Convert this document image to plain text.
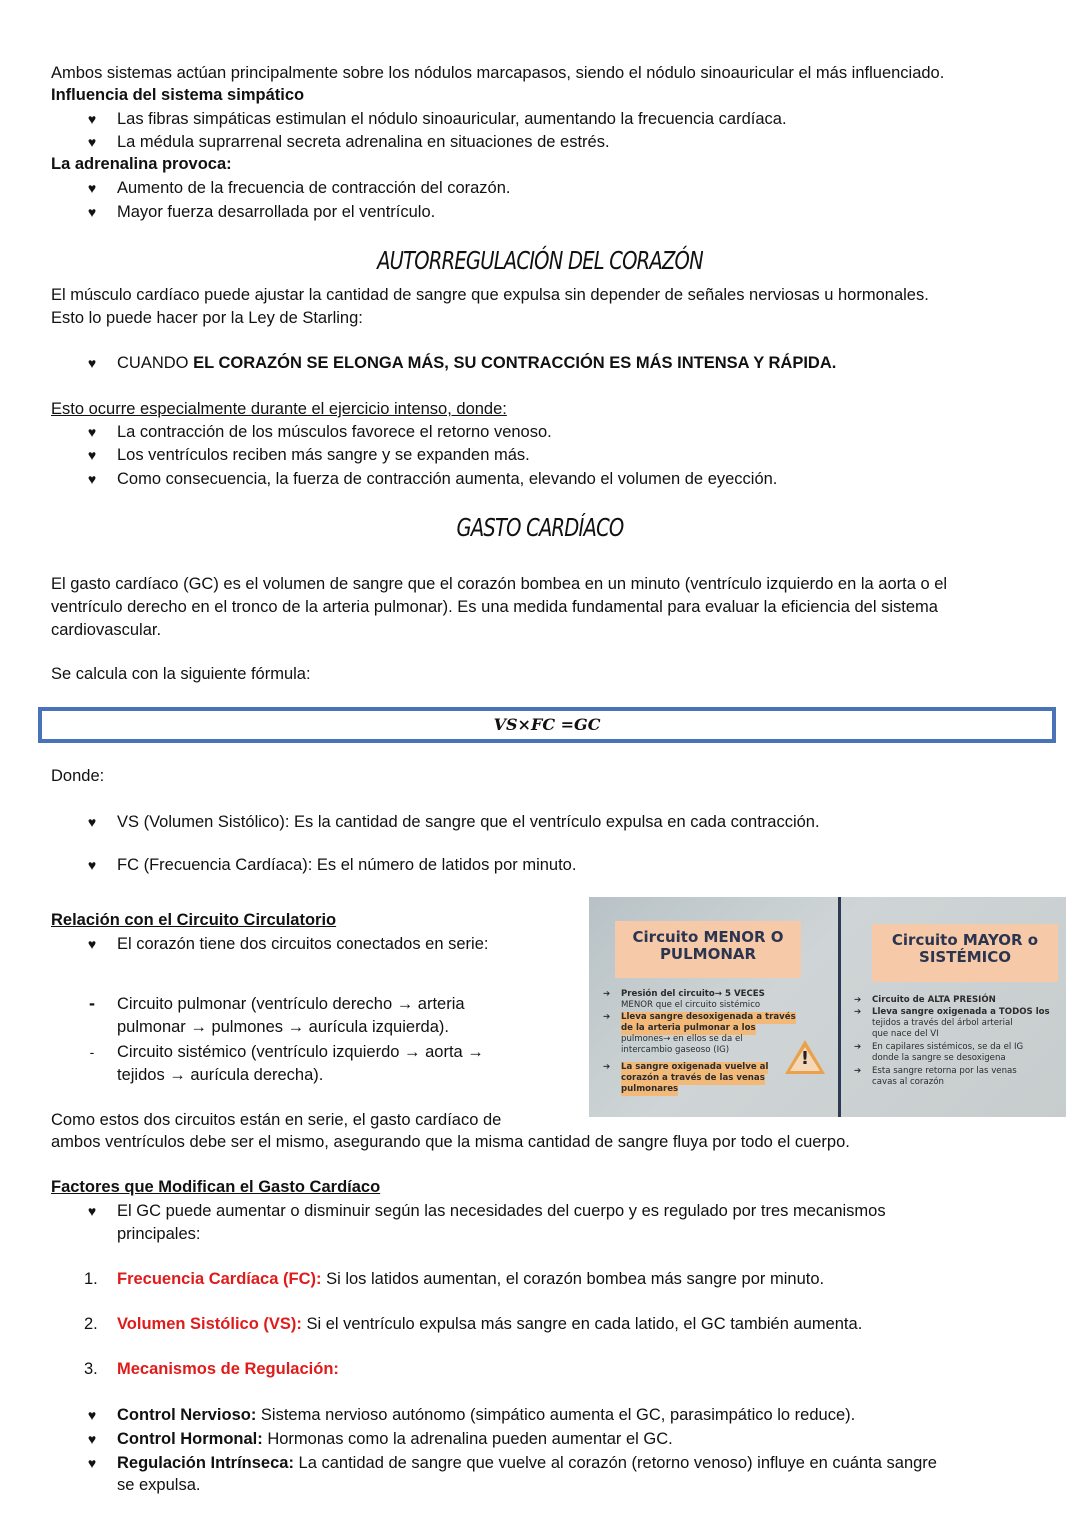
Ambos sistemas actúan principalmente sobre los nódulos marcapasos, siendo el nódulo sinoauricular el más influenciado.
Influencia del sistema simpático
♥ Las fibras simpáticas estimulan el nódulo sinoauricular, aumentando la frecuencia cardíaca.
♥ La médula suprarrenal secreta adrenalina en situaciones de estrés.
La adrenalina provoca:
♥ Aumento de la frecuencia de contracción del corazón.
♥ Mayor fuerza desarrollada por el ventrículo.
AUTORREGULACIÓN DEL CORAZÓN
El músculo cardíaco puede ajustar la cantidad de sangre que expulsa sin depender de señales nerviosas u hormonales.
Esto lo puede hacer por la Ley de Starling:
♥ CUANDO EL CORAZÓN SE ELONGA MÁS, SU CONTRACCIÓN ES MÁS INTENSA Y RÁPIDA.
Esto ocurre especialmente durante el ejercicio intenso, donde:
♥ La contracción de los músculos favorece el retorno venoso.
♥ Los ventrículos reciben más sangre y se expanden más.
♥ Como consecuencia, la fuerza de contracción aumenta, elevando el volumen de eyección.
GASTO CARDÍACO
El gasto cardíaco (GC) es el volumen de sangre que el corazón bombea en un minuto (ventrículo izquierdo en la aorta o el
ventrículo derecho en el tronco de la arteria pulmonar). Es una medida fundamental para evaluar la eficiencia del sistema
cardiovascular.
Se calcula con la siguiente fórmula:
VS×FC =GC
Donde:
♥ VS (Volumen Sistólico): Es la cantidad de sangre que el ventrículo expulsa en cada contracción.
♥ FC (Frecuencia Cardíaca): Es el número de latidos por minuto.
Relación con el Circuito Circulatorio
♥ El corazón tiene dos circuitos conectados en serie:
-	Circuito pulmonar (ventrículo derecho → arteria
pulmonar → pulmones → aurícula izquierda).
-	Circuito sistémico (ventrículo izquierdo → aorta →
tejidos → aurícula derecha).
Como estos dos circuitos están en serie, el gasto cardíaco de
ambos ventrículos debe ser el mismo, asegurando que la misma cantidad de sangre fluya por todo el cuerpo.
Circuito MENOR O
PULMONAR
➔ Presión del circuito→ 5 VECES
MENOR que el circuito sistémico
➔ Lleva sangre desoxigenada a través
de la arteria pulmonar a los
pulmones→ en ellos se da el
intercambio gaseoso (IG)
➔ La sangre oxigenada vuelve al
corazón a través de las venas
pulmonares
!
Circuito MAYOR o
SISTÉMICO
➔ Circuito de ALTA PRESIÓN
➔ Lleva sangre oxigenada a TODOS los
tejidos a través del árbol arterial
que nace del VI
➔ En capilares sistémicos, se da el IG
donde la sangre se desoxigena
➔ Esta sangre retorna por las venas
cavas al corazón
Factores que Modifican el Gasto Cardíaco
♥ El GC puede aumentar o disminuir según las necesidades del cuerpo y es regulado por tres mecanismos
principales:
1. Frecuencia Cardíaca (FC): Si los latidos aumentan, el corazón bombea más sangre por minuto.
2. Volumen Sistólico (VS): Si el ventrículo expulsa más sangre en cada latido, el GC también aumenta.
3. Mecanismos de Regulación:
♥ Control Nervioso: Sistema nervioso autónomo (simpático aumenta el GC, parasimpático lo reduce).
♥ Control Hormonal: Hormonas como la adrenalina pueden aumentar el GC.
♥ Regulación Intrínseca: La cantidad de sangre que vuelve al corazón (retorno venoso) influye en cuánta sangre
se expulsa.
